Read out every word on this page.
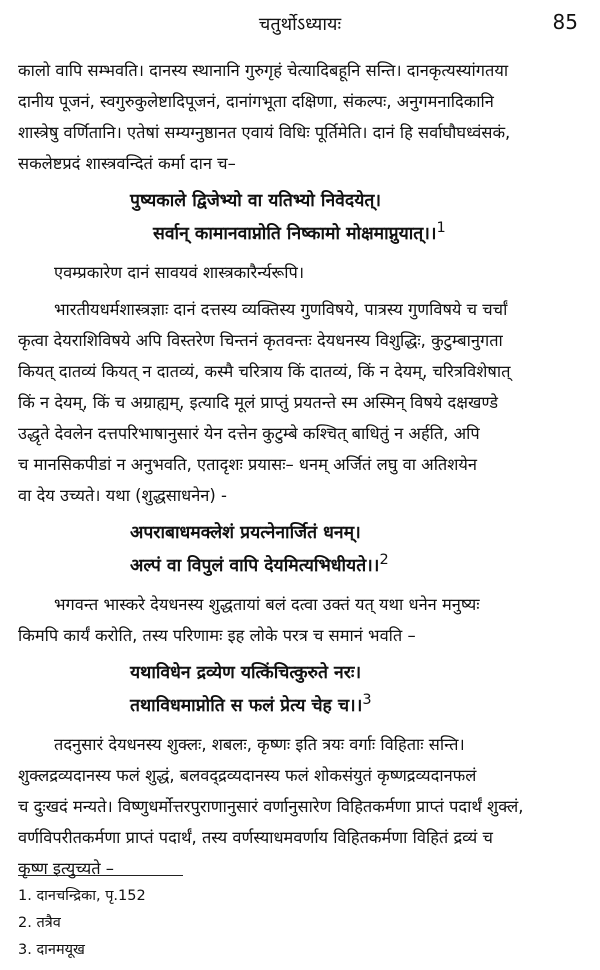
चतुर्थोऽध्यायः	85
कालो वापि सम्भवति। दानस्य स्थानानि गुरुगृहं चेत्यादिबहूनि सन्ति। दानकृत्यस्यांगतया
दानीय पूजनं, स्वगुरुकुलेष्टादिपूजनं, दानांगभूता दक्षिणा, संकल्पः, अनुगमनादिकानि
शास्त्रेषु वर्णितानि। एतेषां सम्यग्नुष्ठानत एवायं विधिः पूर्तिमेति। दानं हि सर्वाघौघध्वंसकं,
सकलेष्टप्रदं शास्त्रवन्दितं कर्मा दान च–
पुष्यकाले द्विजेभ्यो वा यतिभ्यो निवेदयेत्।
सर्वान् कामानवाप्नोति निष्कामो मोक्षमाप्नुयात्।।$^1$
एवम्प्रकारेण दानं सावयवं शास्त्रकारैर्न्यरूपि।
भारतीयधर्मशास्त्रज्ञाः दानं दत्तस्य व्यक्तिस्य गुणविषये, पात्रस्य गुणविषये च चर्चां
कृत्वा देयराशिविषये अपि विस्तरेण चिन्तनं कृतवन्तः देयधनस्य विशुद्धिः, कुटुम्बानुगता
कियत् दातव्यं कियत् न दातव्यं, कस्मै चरित्राय किं दातव्यं, किं न देयम्, चरित्रविशेषात्
किं न देयम्, किं च अग्राह्यम्, इत्यादि मूलं प्राप्तुं प्रयतन्ते स्म अस्मिन् विषये दक्षखण्डे
उद्धृते देवलेन दत्तपरिभाषानुसारं येन दत्तेन कुटुम्बे कश्चित् बाधितुं न अर्हति, अपि
च मानसिकपीडां न अनुभवति, एतादृशः प्रयासः– धनम् अर्जितं लघु वा अतिशयेन
वा देय उच्यते। यथा (शुद्धसाधनेन) -
अपराबाधमक्लेशं प्रयत्नेनार्जितं धनम्।
अल्पं वा विपुलं वापि देयमित्यभिधीयते।।$^2$
भगवन्त भास्करे देयधनस्य शुद्धतायां बलं दत्वा उक्तं यत् यथा धनेन मनुष्यः
किमपि कार्यं करोति, तस्य परिणामः इह लोके परत्र च समानं भवति –
यथाविधेन द्रव्येण यत्किंचित्कुरुते नरः।
तथाविधमाप्नोति स फलं प्रेत्य चेह च।।$^3$
तदनुसारं देयधनस्य शुक्लः, शबलः, कृष्णः इति त्रयः वर्गाः विहिताः सन्ति।
शुक्लद्रव्यदानस्य फलं शुद्धं, बलवद्द्रव्यदानस्य फलं शोकसंयुतं कृष्णद्रव्यदानफलं
च दुःखदं मन्यते। विष्णुधर्मोत्तरपुराणानुसारं वर्णानुसारेण विहितकर्मणा प्राप्तं पदार्थं शुक्लं,
वर्णविपरीतकर्मणा प्राप्तं पदार्थं, तस्य वर्णस्याधमवर्णाय विहितकर्मणा विहितं द्रव्यं च
कृष्ण इत्युच्यते –
1. दानचन्द्रिका, पृ.152
2. तत्रैव
3. दानमयूख
